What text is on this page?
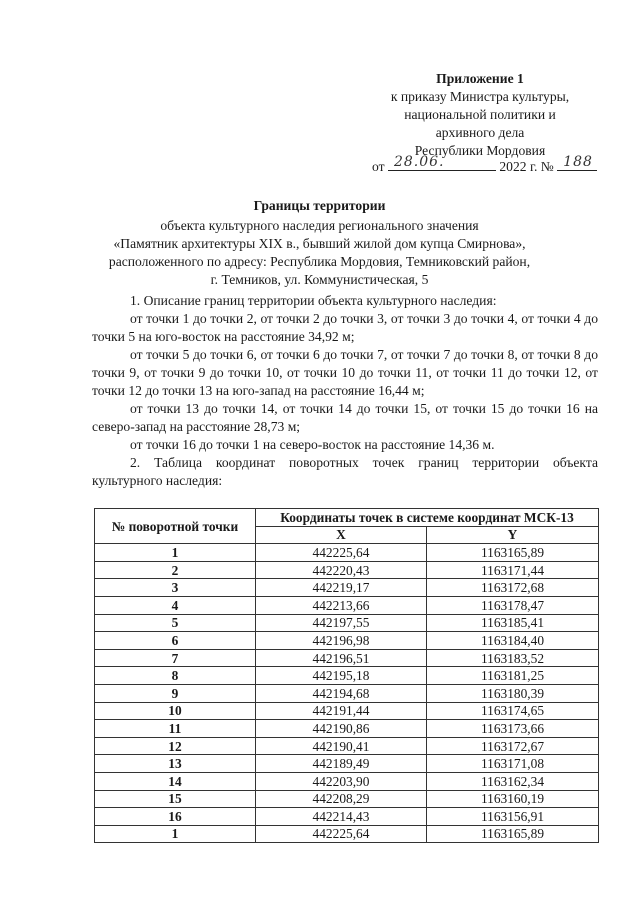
Приложение 1
к приказу Министра культуры,
национальной политики и
архивного дела
Республики Мордовия
от 28.06.	2022 г. № 188
Границы территории
объекта культурного наследия регионального значения
«Памятник архитектуры XIX в., бывший жилой дом купца Смирнова»,
расположенного по адресу: Республика Мордовия, Темниковский район,
г. Темников, ул. Коммунистическая, 5

1. Описание границ территории объекта культурного наследия:

от точки 1 до точки 2, от точки 2 до точки 3, от точки 3 до точки 4, от точки 4 до точки 5 на юго-восток на расстояние 34,92 м;

от точки 5 до точки 6, от точки 6 до точки 7, от точки 7 до точки 8, от точки 8 до точки 9, от точки 9 до точки 10, от точки 10 до точки 11, от точки 11 до точки 12, от точки 12 до точки 13 на юго-запад на расстояние 16,44 м;

от точки 13 до точки 14, от точки 14 до точки 15, от точки 15 до точки 16 на северо-запад на расстояние 28,73 м;

от точки 16 до точки 1 на северо-восток на расстояние 14,36 м.

2. Таблица координат поворотных точек границ территории объекта культурного наследия:

№ поворотной точки	Координаты точек в системе координат МСК-13	
	X	Y
1	442225,64	1163165,89
2	442220,43	1163171,44
3	442219,17	1163172,68
4	442213,66	1163178,47
5	442197,55	1163185,41
6	442196,98	1163184,40
7	442196,51	1163183,52
8	442195,18	1163181,25
9	442194,68	1163180,39
10	442191,44	1163174,65
11	442190,86	1163173,66
12	442190,41	1163172,67
13	442189,49	1163171,08
14	442203,90	1163162,34
15	442208,29	1163160,19
16	442214,43	1163156,91
1	442225,64	1163165,89
